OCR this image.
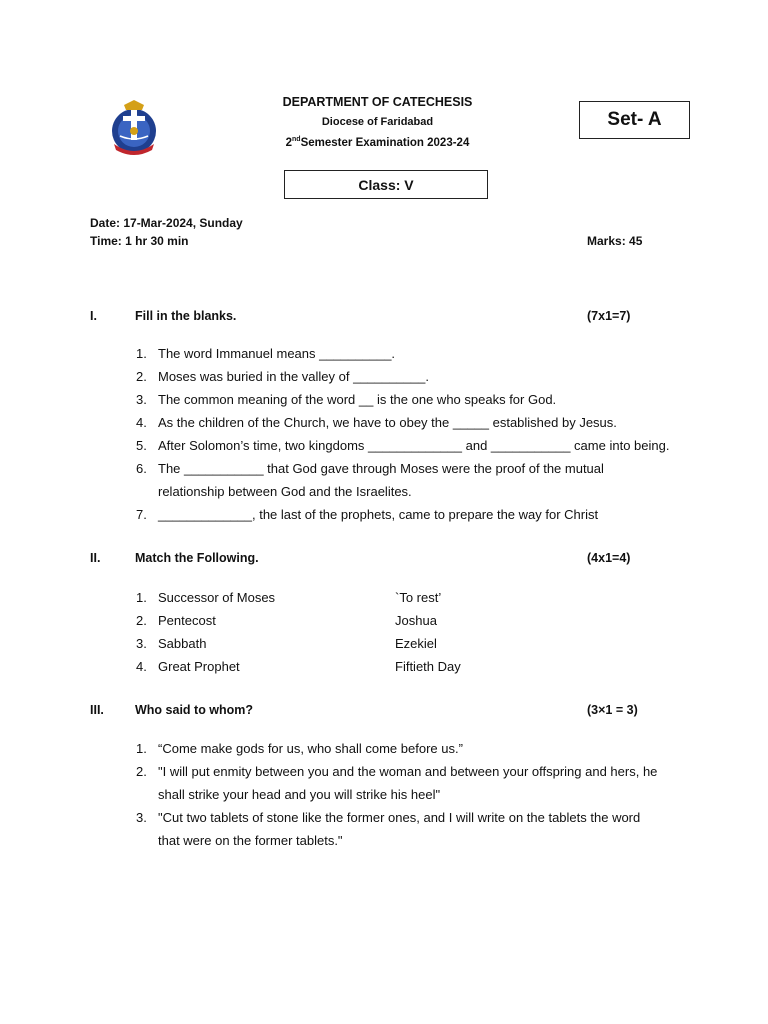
DEPARTMENT OF CATECHESIS
Diocese of Faridabad
2ndSemester Examination 2023-24
Set- A
Class: V
Date: 17-Mar-2024, Sunday
Time: 1 hr 30 min	Marks: 45
I.	Fill in the blanks.	(7x1=7)
1. The word Immanuel means __________.
2. Moses was buried in the valley of __________.
3. The common meaning of the word __ is the one who speaks for God.
4. As the children of the Church, we have to obey the _____ established by Jesus.
5. After Solomon’s time, two kingdoms _____________ and ___________ came into being.
6. The ___________ that God gave through Moses were the proof of the mutual relationship between God and the Israelites.
7. _____________, the last of the prophets, came to prepare the way for Christ
II.	Match the Following.	(4x1=4)
1. Successor of Moses	`To rest’
2. Pentecost	Joshua
3. Sabbath	Ezekiel
4. Great Prophet	Fiftieth Day
III. Who said to whom?	(3×1 = 3)
1. “Come make gods for us, who shall come before us.”
2. "I will put enmity between you and the woman and between your offspring and hers, he shall strike your head and you will strike his heel"
3. "Cut two tablets of stone like the former ones, and I will write on the tablets the word that were on the former tablets."
